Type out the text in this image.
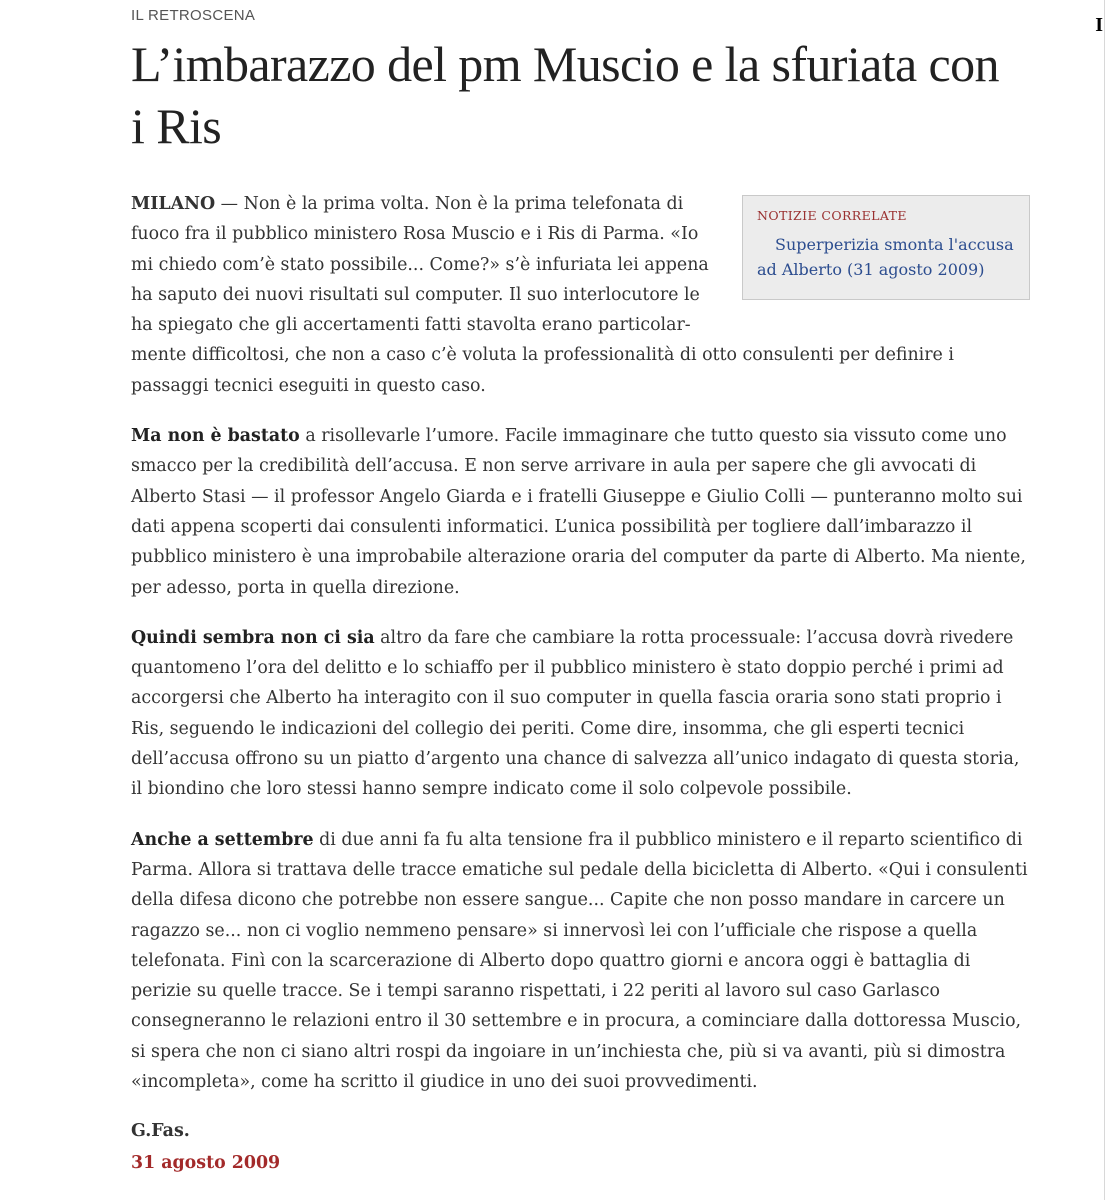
I
IL RETROSCENA
L’imbarazzo del pm Muscio e la sfuriata con i Ris

NOTIZIE CORRELATE
Superperizia smonta l'accusa ad Alberto (31 agosto 2009)
MILANO — Non è la prima volta. Non è la prima telefonata di fuoco fra il pubblico ministero Rosa Muscio e i Ris di Parma. «Io mi chiedo com’è stato possibile... Come?» s’è infuriata lei appena ha saputo dei nuovi risultati sul computer. Il suo interlocutore le ha spiegato che gli accertamenti fatti stavolta erano particolarmente difficoltosi, che non a caso c’è voluta la professionalità di otto consulenti per definire i passaggi tecnici eseguiti in questo caso.

Ma non è bastato a risollevarle l’umore. Facile immaginare che tutto questo sia vissuto come uno smacco per la credibilità dell’accusa. E non serve arrivare in aula per sapere che gli avvocati di Alberto Stasi — il professor Angelo Giarda e i fratelli Giuseppe e Giulio Colli — punteranno molto sui dati appena scoperti dai consulenti informatici. L’unica possibilità per togliere dall’imbarazzo il pubblico ministero è una improbabile alterazione oraria del computer da parte di Alberto. Ma niente, per adesso, porta in quella direzione.

Quindi sembra non ci sia altro da fare che cambiare la rotta processuale: l’accusa dovrà rivedere quantomeno l’ora del delitto e lo schiaffo per il pubblico ministero è stato doppio perché i primi ad accorgersi che Alberto ha interagito con il suo computer in quella fascia oraria sono stati proprio i Ris, seguendo le indicazioni del collegio dei periti. Come dire, insomma, che gli esperti tecnici dell’accusa offrono su un piatto d’argento una chance di salvezza all’unico indagato di questa storia, il biondino che loro stessi hanno sempre indicato come il solo colpevole possibile.

Anche a settembre di due anni fa fu alta tensione fra il pubblico ministero e il reparto scientifico di Parma. Allora si trattava delle tracce ematiche sul pedale della bicicletta di Alberto. «Qui i consulenti della difesa dicono che potrebbe non essere sangue... Capite che non posso mandare in carcere un ragazzo se... non ci voglio nemmeno pensare» si innervosì lei con l’ufficiale che rispose a quella telefonata. Finì con la scarcerazione di Alberto dopo quattro giorni e ancora oggi è battaglia di perizie su quelle tracce. Se i tempi saranno rispettati, i 22 periti al lavoro sul caso Garlasco consegneranno le relazioni entro il 30 settembre e in procura, a cominciare dalla dottoressa Muscio, si spera che non ci siano altri rospi da ingoiare in un’inchiesta che, più si va avanti, più si dimostra «incompleta», come ha scritto il giudice in uno dei suoi provvedimenti.

G.Fas.
31 agosto 2009
